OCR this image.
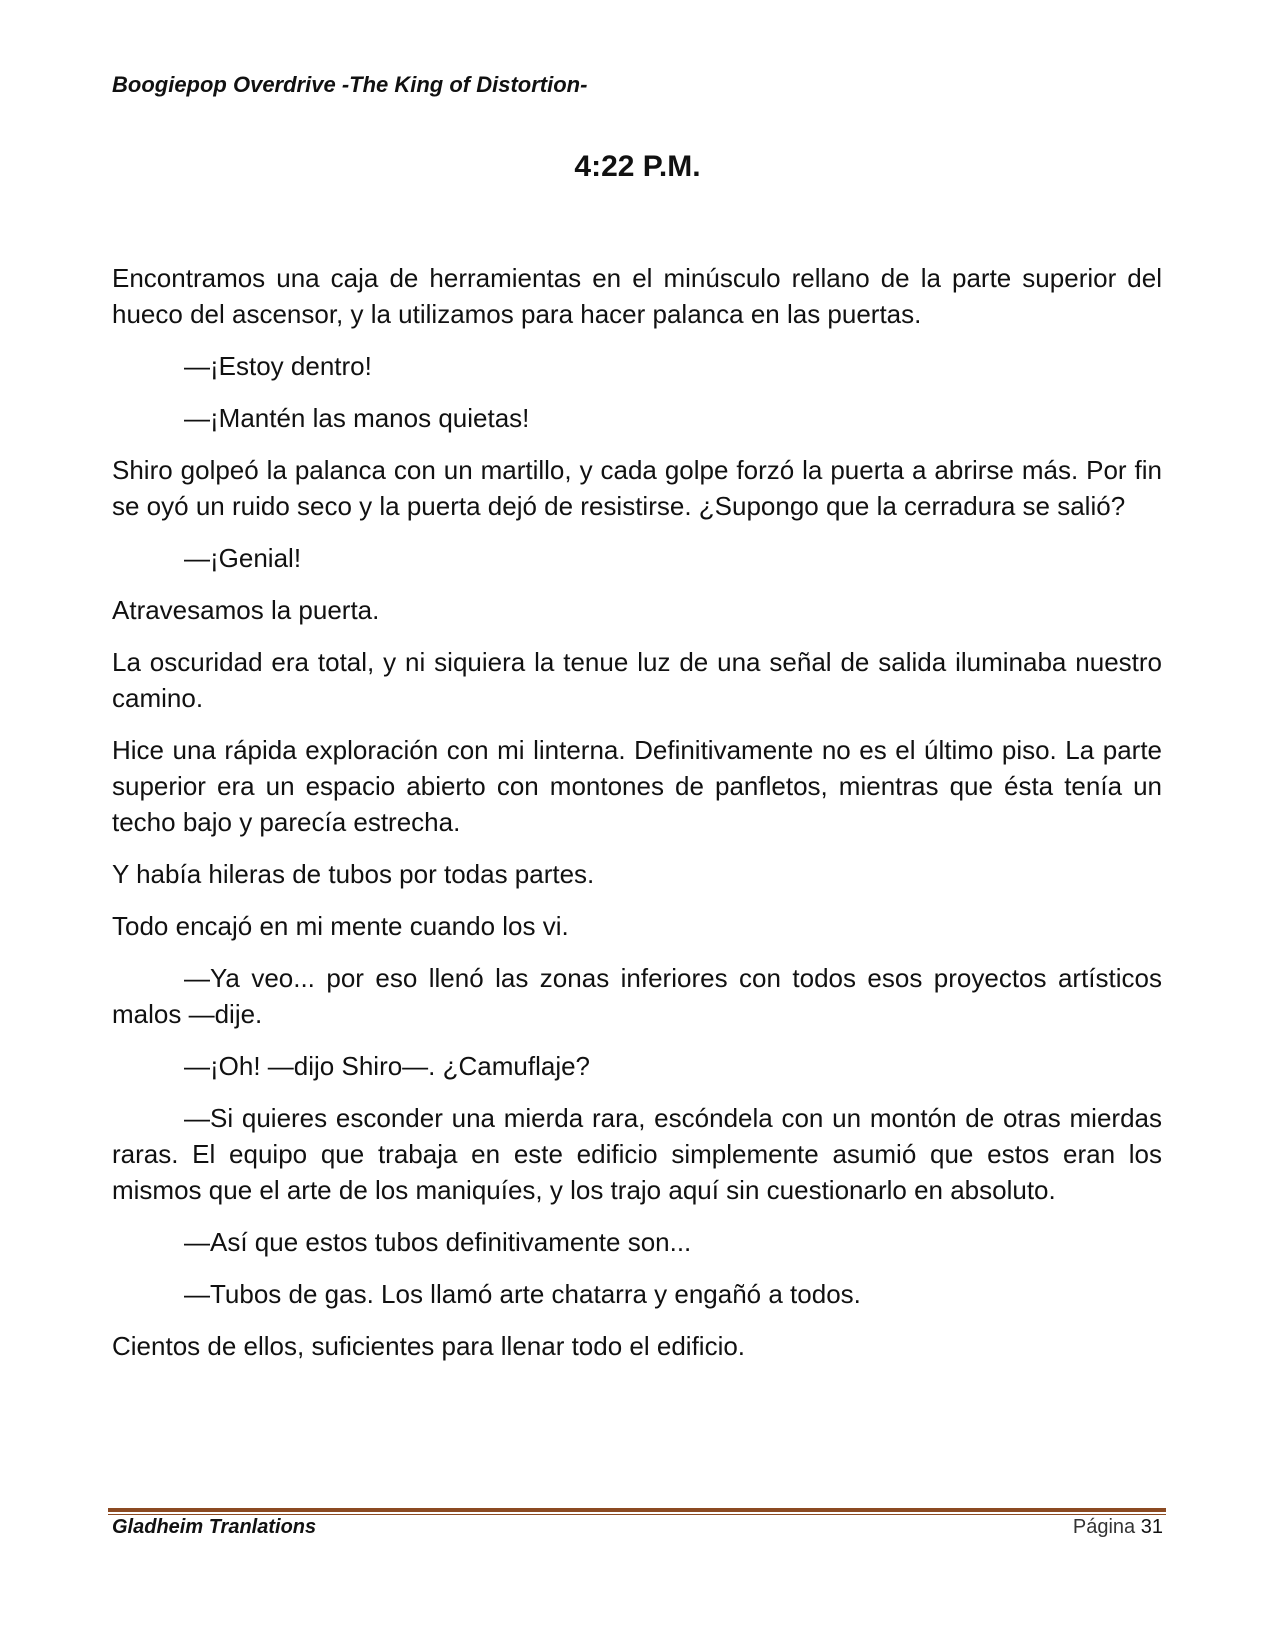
Boogiepop Overdrive -The King of Distortion-
4:22 P.M.

Encontramos una caja de herramientas en el minúsculo rellano de la parte superior del hueco del ascensor, y la utilizamos para hacer palanca en las puertas.

—¡Estoy dentro!

—¡Mantén las manos quietas!

Shiro golpeó la palanca con un martillo, y cada golpe forzó la puerta a abrirse más. Por fin se oyó un ruido seco y la puerta dejó de resistirse. ¿Supongo que la cerradura se salió?

—¡Genial!

Atravesamos la puerta.

La oscuridad era total, y ni siquiera la tenue luz de una señal de salida iluminaba nuestro camino.

Hice una rápida exploración con mi linterna. Definitivamente no es el último piso. La parte superior era un espacio abierto con montones de panfletos, mientras que ésta tenía un techo bajo y parecía estrecha.

Y había hileras de tubos por todas partes.

Todo encajó en mi mente cuando los vi.

—Ya veo... por eso llenó las zonas inferiores con todos esos proyectos artísticos malos —dije.

—¡Oh! —dijo Shiro—. ¿Camuflaje?

—Si quieres esconder una mierda rara, escóndela con un montón de otras mierdas raras. El equipo que trabaja en este edificio simplemente asumió que estos eran los mismos que el arte de los maniquíes, y los trajo aquí sin cuestionarlo en absoluto.

—Así que estos tubos definitivamente son...

—Tubos de gas. Los llamó arte chatarra y engañó a todos.

Cientos de ellos, suficientes para llenar todo el edificio.

Gladheim Tranlations	Página 31
